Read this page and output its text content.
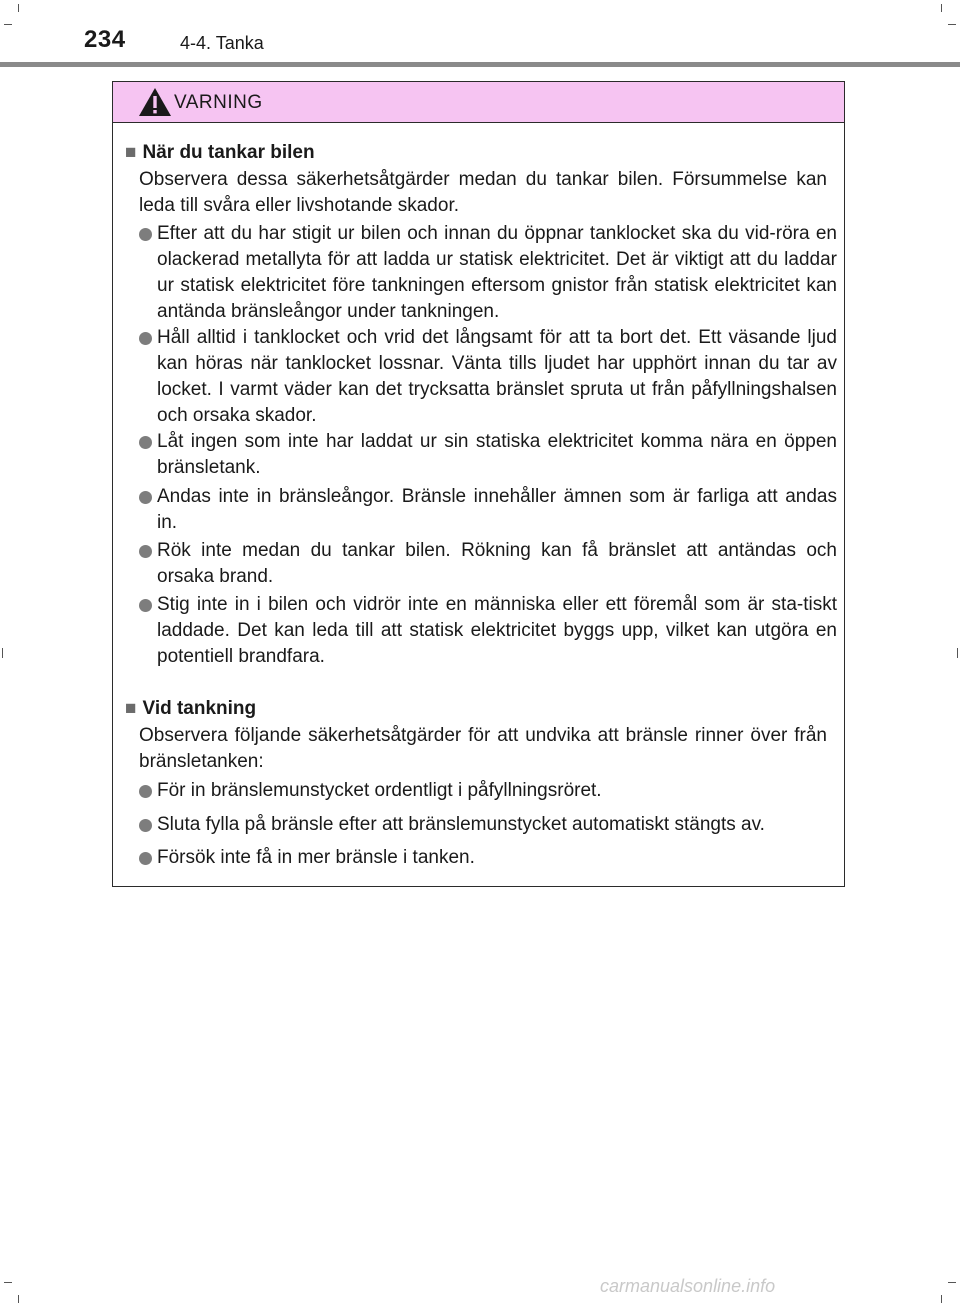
234	4-4. Tanka
VARNING
■ När du tankar bilen
Observera dessa säkerhetsåtgärder medan du tankar bilen. Försummelse kan leda till svåra eller livshotande skador.
Efter att du har stigit ur bilen och innan du öppnar tanklocket ska du vid-röra en olackerad metallyta för att ladda ur statisk elektricitet. Det är viktigt att du laddar ur statisk elektricitet före tankningen eftersom gnistor från statisk elektricitet kan antända bränsleångor under tankningen.
Håll alltid i tanklocket och vrid det långsamt för att ta bort det. Ett väsande ljud kan höras när tanklocket lossnar. Vänta tills ljudet har upphört innan du tar av locket. I varmt väder kan det trycksatta bränslet spruta ut från påfyllningshalsen och orsaka skador.
Låt ingen som inte har laddat ur sin statiska elektricitet komma nära en öppen bränsletank.
Andas inte in bränsleångor. Bränsle innehåller ämnen som är farliga att andas in.
Rök inte medan du tankar bilen. Rökning kan få bränslet att antändas och orsaka brand.
Stig inte in i bilen och vidrör inte en människa eller ett föremål som är sta-tiskt laddade. Det kan leda till att statisk elektricitet byggs upp, vilket kan utgöra en potentiell brandfara.
■ Vid tankning
Observera följande säkerhetsåtgärder för att undvika att bränsle rinner över från bränsletanken:
För in bränslemunstycket ordentligt i påfyllningsröret.
Sluta fylla på bränsle efter att bränslemunstycket automatiskt stängts av.
Försök inte få in mer bränsle i tanken.
carmanualsonline.info
